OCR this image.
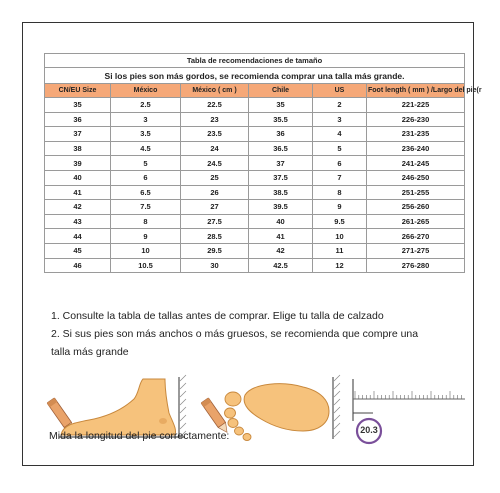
Tabla de recomendaciones de tamaño					
Si los pies son más gordos, se recomienda comprar una talla más grande.					
CN/EU Size	México	México ( cm )	Chile	US	Foot length ( mm ) /Largo del pie(r
35	2.5	22.5	35	2	221-225
36	3	23	35.5	3	226-230
37	3.5	23.5	36	4	231-235
38	4.5	24	36.5	5	236-240
39	5	24.5	37	6	241-245
40	6	25	37.5	7	246-250
41	6.5	26	38.5	8	251-255
42	7.5	27	39.5	9	256-260
43	8	27.5	40	9.5	261-265
44	9	28.5	41	10	266-270
45	10	29.5	42	11	271-275
46	10.5	30	42.5	12	276-280

1. Consulte la tabla de tallas antes de comprar. Elige tu talla de calzado

2. Si sus pies son más anchos o más gruesos, se recomienda que compre una

talla más grande

20.3
Mida la longitud del pie correctamente:
